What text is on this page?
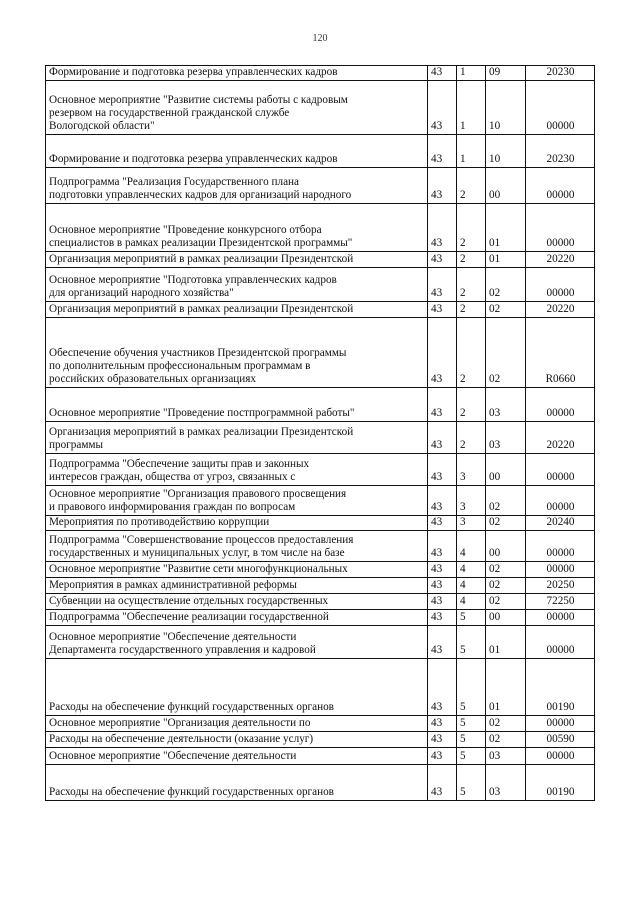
120
Формирование и подготовка резерва управленческих кадров	43	1	09	20230
Основное мероприятие "Развитие системы работы с кадровым
резервом на государственной гражданской службе
Вологодской области"	43	1	10	00000
Формирование и подготовка резерва управленческих кадров	43	1	10	20230
Подпрограмма "Реализация Государственного плана
подготовки управленческих кадров для организаций народного	43	2	00	00000
Основное мероприятие "Проведение конкурсного отбора
специалистов в рамках реализации Президентской программы"	43	2	01	00000
Организация мероприятий в рамках реализации Президентской	43	2	01	20220
Основное мероприятие "Подготовка управленческих кадров
для организаций народного хозяйства"	43	2	02	00000
Организация мероприятий в рамках реализации Президентской	43	2	02	20220
Обеспечение обучения участников Президентской программы
по дополнительным профессиональным программам в
российских образовательных организациях	43	2	02	R0660
Основное мероприятие "Проведение постпрограммной работы"	43	2	03	00000
Организация мероприятий в рамках реализации Президентской
программы	43	2	03	20220
Подпрограмма "Обеспечение защиты прав и законных
интересов граждан, общества от угроз, связанных с	43	3	00	00000
Основное мероприятие "Организация правового просвещения
и правового информирования граждан по вопросам	43	3	02	00000
Мероприятия по противодействию коррупции	43	3	02	20240
Подпрограмма "Совершенствование процессов предоставления
государственных и муниципальных услуг, в том числе на базе	43	4	00	00000
Основное мероприятие "Развитие сети многофункциональных	43	4	02	00000
Мероприятия в рамках административной реформы	43	4	02	20250
Субвенции на осуществление отдельных государственных	43	4	02	72250
Подпрограмма "Обеспечение реализации государственной	43	5	00	00000
Основное мероприятие "Обеспечение деятельности
Департамента государственного управления и кадровой	43	5	01	00000
Расходы на обеспечение функций государственных органов	43	5	01	00190
Основное мероприятие "Организация деятельности по	43	5	02	00000
Расходы на обеспечение деятельности (оказание услуг)	43	5	02	00590
Основное мероприятие "Обеспечение деятельности	43	5	03	00000
Расходы на обеспечение функций государственных органов	43	5	03	00190
